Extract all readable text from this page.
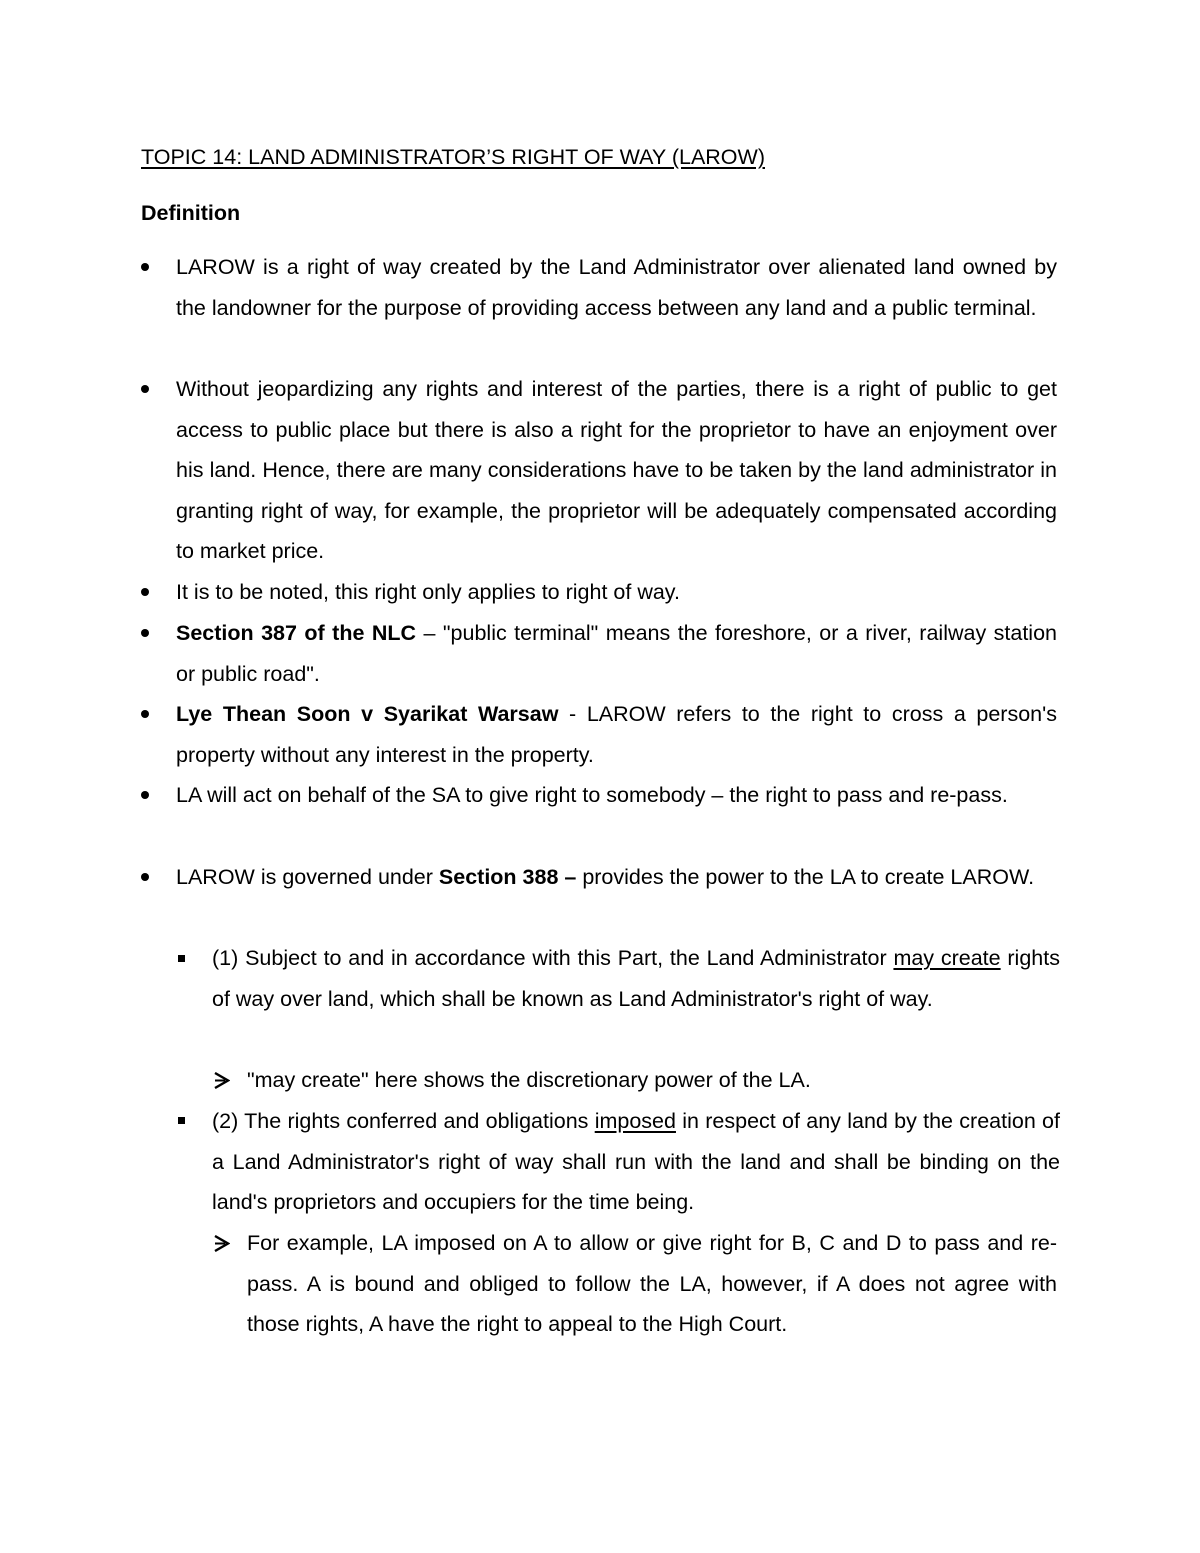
TOPIC 14: LAND ADMINISTRATOR’S RIGHT OF WAY (LAROW)
Definition
LAROW is a right of way created by the Land Administrator over alienated land owned by the landowner for the purpose of providing access between any land and a public terminal.
Without jeopardizing any rights and interest of the parties, there is a right of public to get access to public place but there is also a right for the proprietor to have an enjoyment over his land. Hence, there are many considerations have to be taken by the land administrator in granting right of way, for example, the proprietor will be adequately compensated according to market price.
It is to be noted, this right only applies to right of way.
Section 387 of the NLC – "public terminal" means the foreshore, or a river, railway station or public road".
Lye Thean Soon v Syarikat Warsaw - LAROW refers to the right to cross a person's property without any interest in the property.
LA will act on behalf of the SA to give right to somebody – the right to pass and re-pass.
LAROW is governed under Section 388 – provides the power to the LA to create LAROW.
(1) Subject to and in accordance with this Part, the Land Administrator may create rights of way over land, which shall be known as Land Administrator's right of way.
"may create" here shows the discretionary power of the LA.
(2) The rights conferred and obligations imposed in respect of any land by the creation of a Land Administrator's right of way shall run with the land and shall be binding on the land's proprietors and occupiers for the time being.
For example, LA imposed on A to allow or give right for B, C and D to pass and re-pass. A is bound and obliged to follow the LA, however, if A does not agree with those rights, A have the right to appeal to the High Court.
